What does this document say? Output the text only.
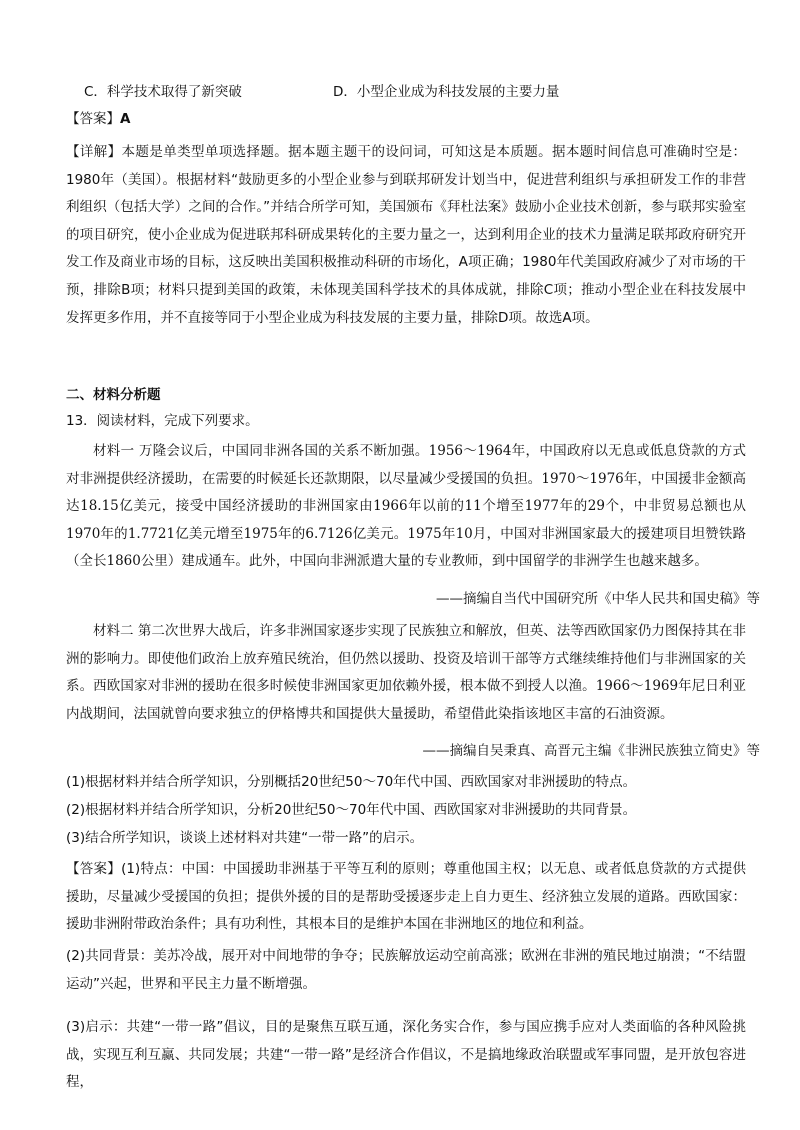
C．科学技术取得了新突破	D．小型企业成为科技发展的主要力量

【答案】A

【详解】本题是单类型单项选择题。据本题主题干的设问词，可知这是本质题。据本题时间信息可准确时空是：1980年（美国）。根据材料“鼓励更多的小型企业参与到联邦研发计划当中，促进营利组织与承担研发工作的非营利组织（包括大学）之间的合作。”并结合所学可知，美国颁布《拜杜法案》鼓励小企业技术创新，参与联邦实验室的项目研究，使小企业成为促进联邦科研成果转化的主要力量之一，达到利用企业的技术力量满足联邦政府研究开发工作及商业市场的目标，这反映出美国积极推动科研的市场化，A项正确；1980年代美国政府减少了对市场的干预，排除B项；材料只提到美国的政策，未体现美国科学技术的具体成就，排除C项；推动小型企业在科技发展中发挥更多作用，并不直接等同于小型企业成为科技发展的主要力量，排除D项。故选A项。

二、材料分析题
13．阅读材料，完成下列要求。

材料一 万隆会议后，中国同非洲各国的关系不断加强。1956～1964年，中国政府以无息或低息贷款的方式对非洲提供经济援助，在需要的时候延长还款期限，以尽量减少受援国的负担。1970～1976年，中国援非金额高达18.15亿美元，接受中国经济援助的非洲国家由1966年以前的11个增至1977年的29个，中非贸易总额也从1970年的1.7721亿美元增至1975年的6.7126亿美元。1975年10月，中国对非洲国家最大的援建项目坦赞铁路（全长1860公里）建成通车。此外，中国向非洲派遣大量的专业教师，到中国留学的非洲学生也越来越多。

——摘编自当代中国研究所《中华人民共和国史稿》等

材料二 第二次世界大战后，许多非洲国家逐步实现了民族独立和解放，但英、法等西欧国家仍力图保持其在非洲的影响力。即使他们政治上放弃殖民统治，但仍然以援助、投资及培训干部等方式继续维持他们与非洲国家的关系。西欧国家对非洲的援助在很多时候使非洲国家更加依赖外援，根本做不到授人以渔。1966～1969年尼日利亚内战期间，法国就曾向要求独立的伊格博共和国提供大量援助，希望借此染指该地区丰富的石油资源。

——摘编自吴秉真、高晋元主编《非洲民族独立简史》等
(1)根据材料并结合所学知识，分别概括20世纪50～70年代中国、西欧国家对非洲援助的特点。
(2)根据材料并结合所学知识，分析20世纪50～70年代中国、西欧国家对非洲援助的共同背景。
(3)结合所学知识，谈谈上述材料对共建“一带一路”的启示。

【答案】(1)特点：中国：中国援助非洲基于平等互利的原则；尊重他国主权；以无息、或者低息贷款的方式提供援助，尽量减少受援国的负担；提供外援的目的是帮助受援逐步走上自力更生、经济独立发展的道路。西欧国家：援助非洲附带政治条件；具有功利性，其根本目的是维护本国在非洲地区的地位和利益。

(2)共同背景：美苏冷战，展开对中间地带的争夺；民族解放运动空前高涨；欧洲在非洲的殖民地过崩溃；“不结盟运动”兴起，世界和平民主力量不断增强。

(3)启示：共建“一带一路”倡议，目的是聚焦互联互通，深化务实合作，参与国应携手应对人类面临的各种风险挑战，实现互利互赢、共同发展；共建“一带一路”是经济合作倡议，不是搞地缘政治联盟或军事同盟，是开放包容进程，
